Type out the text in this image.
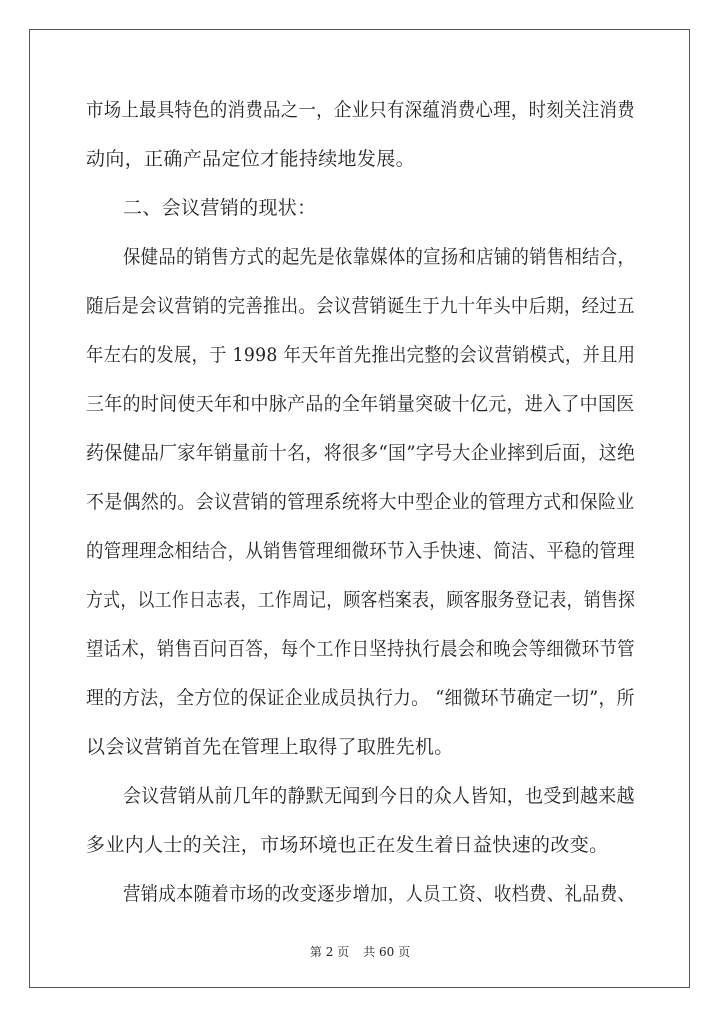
市场上最具特色的消费品之一，企业只有深蕴消费心理，时刻关注消费
动向，正确产品定位才能持续地发展。
二、会议营销的现状：
保健品的销售方式的起先是依靠媒体的宣扬和店铺的销售相结合，
随后是会议营销的完善推出。会议营销诞生于九十年头中后期，经过五
年左右的发展，于 1998 年天年首先推出完整的会议营销模式，并且用
三年的时间使天年和中脉产品的全年销量突破十亿元，进入了中国医
药保健品厂家年销量前十名，将很多“国”字号大企业摔到后面，这绝
不是偶然的。会议营销的管理系统将大中型企业的管理方式和保险业
的管理理念相结合，从销售管理细微环节入手快速、简洁、平稳的管理
方式，以工作日志表，工作周记，顾客档案表，顾客服务登记表，销售探
望话术，销售百问百答，每个工作日坚持执行晨会和晚会等细微环节管
理的方法，全方位的保证企业成员执行力。 “细微环节确定一切”，所
以会议营销首先在管理上取得了取胜先机。
会议营销从前几年的静默无闻到今日的众人皆知，也受到越来越
多业内人士的关注，市场环境也正在发生着日益快速的改变。
营销成本随着市场的改变逐步增加，人员工资、收档费、礼品费、
第 2 页 共 60 页
